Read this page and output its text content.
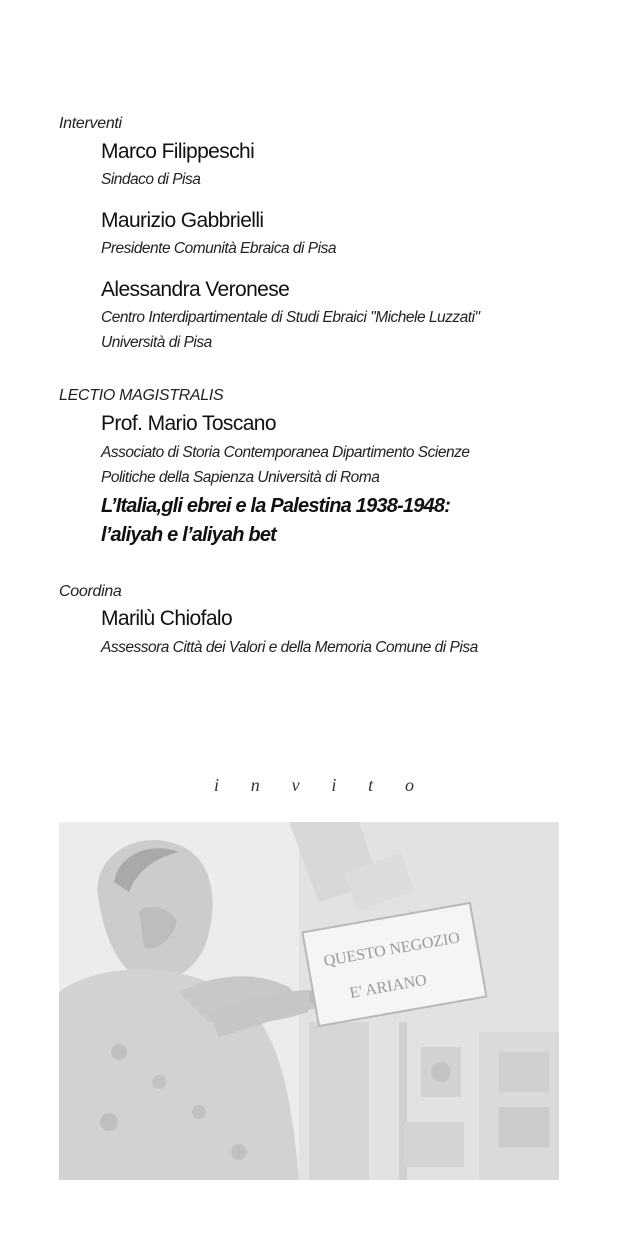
Interventi
Marco Filippeschi
Sindaco di Pisa
Maurizio Gabbrielli
Presidente Comunità Ebraica di Pisa
Alessandra Veronese
Centro Interdipartimentale di Studi Ebraici "Michele Luzzati"
Università di Pisa
LECTIO MAGISTRALIS
Prof. Mario Toscano
Associato di Storia Contemporanea Dipartimento Scienze
Politiche della Sapienza Università di Roma
L’Italia,gli ebrei e la Palestina 1938-1948:
l’aliyah e l’aliyah bet
Coordina
Marilù Chiofalo
Assessora Città dei Valori e della Memoria Comune di Pisa
i n v i t o
QUESTO NEGOZIO
E' ARIANO
